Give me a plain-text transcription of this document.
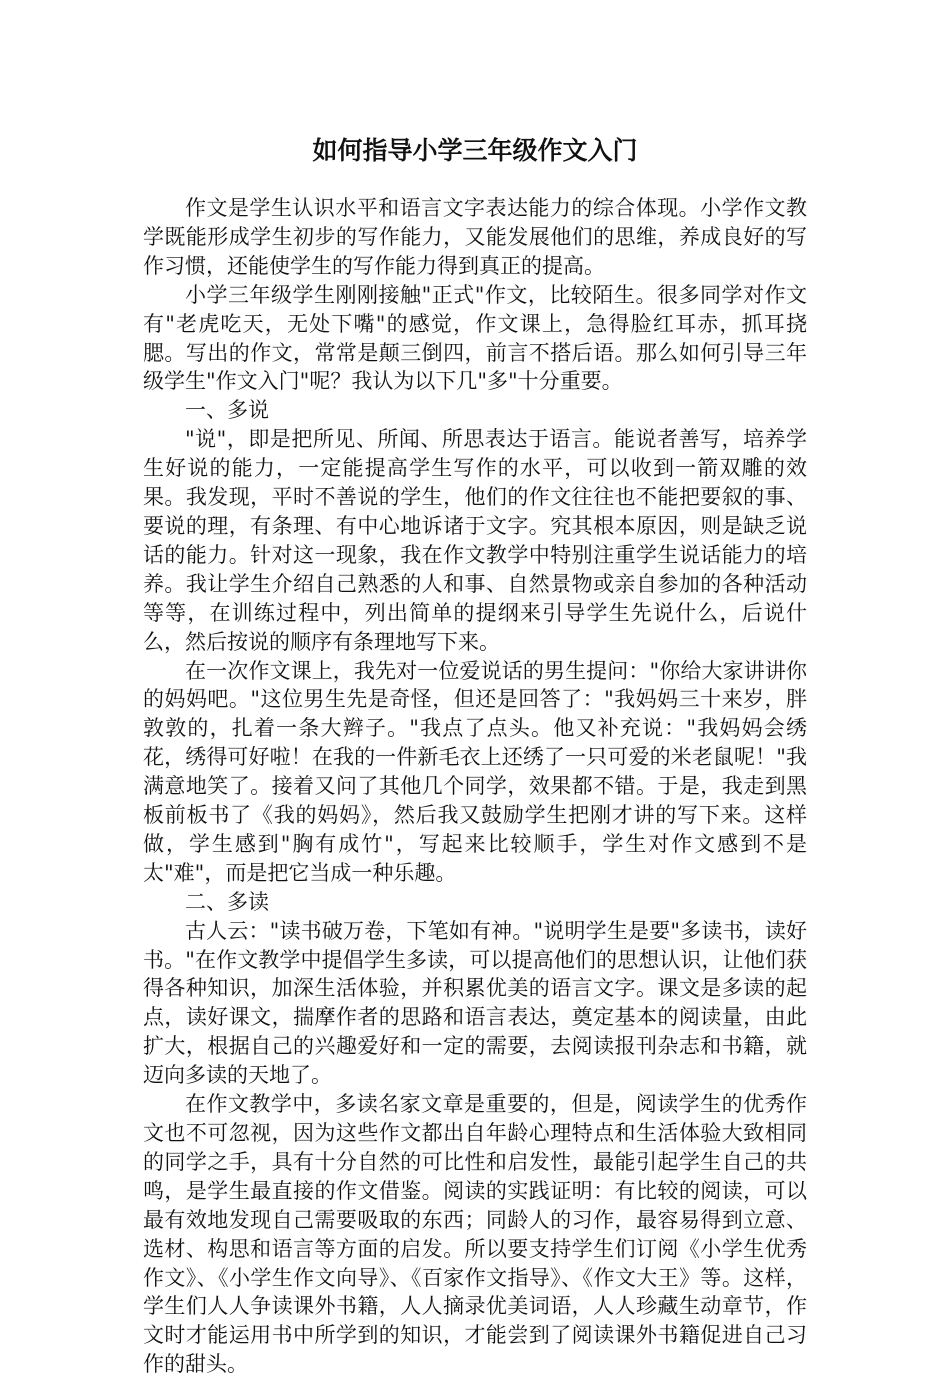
如何指导小学三年级作文入门

作文是学生认识水平和语言文字表达能力的综合体现。小学作文教学既能形成学生初步的写作能力，又能发展他们的思维，养成良好的写作习惯，还能使学生的写作能力得到真正的提高。

小学三年级学生刚刚接触"正式"作文，比较陌生。很多同学对作文有"老虎吃天，无处下嘴"的感觉，作文课上，急得脸红耳赤，抓耳挠腮。写出的作文，常常是颠三倒四，前言不搭后语。那么如何引导三年级学生"作文入门"呢？我认为以下几"多"十分重要。

一、多说

"说"，即是把所见、所闻、所思表达于语言。能说者善写，培养学生好说的能力，一定能提高学生写作的水平，可以收到一箭双雕的效果。我发现，平时不善说的学生，他们的作文往往也不能把要叙的事、要说的理，有条理、有中心地诉诸于文字。究其根本原因，则是缺乏说话的能力。针对这一现象，我在作文教学中特别注重学生说话能力的培养。我让学生介绍自己熟悉的人和事、自然景物或亲自参加的各种活动等等，在训练过程中，列出简单的提纲来引导学生先说什么，后说什么，然后按说的顺序有条理地写下来。

在一次作文课上，我先对一位爱说话的男生提问："你给大家讲讲你的妈妈吧。"这位男生先是奇怪，但还是回答了："我妈妈三十来岁，胖敦敦的，扎着一条大辫子。"我点了点头。他又补充说："我妈妈会绣花，绣得可好啦！在我的一件新毛衣上还绣了一只可爱的米老鼠呢！"我满意地笑了。接着又问了其他几个同学，效果都不错。于是，我走到黑板前板书了《我的妈妈》，然后我又鼓励学生把刚才讲的写下来。这样做，学生感到"胸有成竹"，写起来比较顺手，学生对作文感到不是太"难"，而是把它当成一种乐趣。

二、多读

古人云："读书破万卷，下笔如有神。"说明学生是要"多读书，读好书。"在作文教学中提倡学生多读，可以提高他们的思想认识，让他们获得各种知识，加深生活体验，并积累优美的语言文字。课文是多读的起点，读好课文，揣摩作者的思路和语言表达，奠定基本的阅读量，由此扩大，根据自己的兴趣爱好和一定的需要，去阅读报刊杂志和书籍，就迈向多读的天地了。

在作文教学中，多读名家文章是重要的，但是，阅读学生的优秀作文也不可忽视，因为这些作文都出自年龄心理特点和生活体验大致相同的同学之手，具有十分自然的可比性和启发性，最能引起学生自己的共鸣，是学生最直接的作文借鉴。阅读的实践证明：有比较的阅读，可以最有效地发现自己需要吸取的东西；同龄人的习作，最容易得到立意、选材、构思和语言等方面的启发。所以要支持学生们订阅《小学生优秀作文》、《小学生作文向导》、《百家作文指导》、《作文大王》等。这样，学生们人人争读课外书籍，人人摘录优美词语，人人珍藏生动章节，作文时才能运用书中所学到的知识，才能尝到了阅读课外书籍促进自己习作的甜头。
